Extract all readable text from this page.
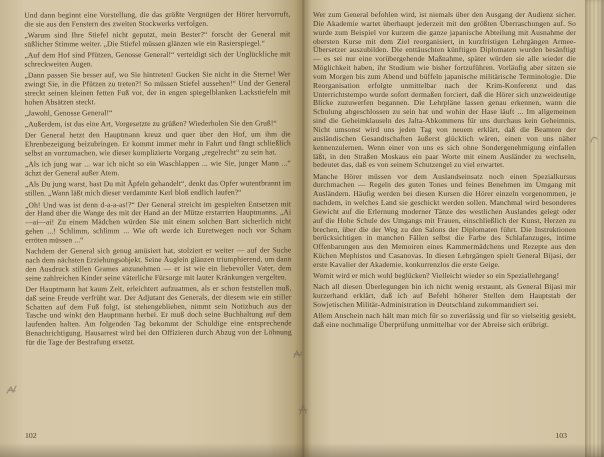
Und dann beginnt eine Vorstellung, die das größte Vergnügen der Hörer hervorruft, die sie aus den Fenstern des zweiten Stockwerks verfolgen.

„Warum sind Ihre Stiefel nicht geputzt, mein Bester?“ forscht der General mit süßlicher Stimme weiter. „Die Stiefel müssen glänzen wie ein Rasierspiegel.“

„Auf dem Hof sind Pfützen, Genosse General!“ verteidigt sich der Unglückliche mit schreckweiten Augen.

„Dann passen Sie besser auf, wo Sie hintreten! Gucken Sie nicht in die Sterne! Wer zwingt Sie, in die Pfützen zu treten?! So müssen Stiefel aussehen!“ Und der General streckt seinen kleinen fetten Fuß vor, der in engen spiegelblanken Lackstiefeln mit hohen Absätzen steckt.

„Jawohl, Genosse General!“

„Außerdem, ist das eine Art, Vorgesetzte zu grüßen? Wiederholen Sie den Gruß!“

Der General hetzt den Hauptmann kreuz und quer über den Hof, um ihm die Ehrenbezeigung beizubringen. Er kommt immer mehr in Fahrt und fängt schließlich selbst an vorzumachen, wie dieser komplizierte Vorgang „regelrecht“ zu sein hat.

„Als ich jung war ... war ich nicht so ein Waschlappen ... wie Sie, junger Mann ...“ ächzt der General außer Atem.

„Als Du jung warst, hast Du mit Äpfeln gehandelt“, denkt das Opfer wutentbrannt im stillen. „Wann läßt mich dieser verdammte Kerl bloß endlich laufen?“

„Oh! Und was ist denn d-a-a-as!?“ Der General streicht im gespielten Entsetzen mit der Hand über die Wange des mit der Hand an der Mütze erstarrten Hauptmanns. „Ai—ai—ai! Zu einem Mädchen würden Sie mit einem solchen Bart sicherlich nicht gehen ...! Schlimm, schlimm ... Wie oft werde ich Euretwegen noch vor Scham erröten müssen ...“

Nachdem der General sich genug amüsiert hat, stolziert er weiter — auf der Suche nach dem nächsten Erziehungsobjekt. Seine Äuglein glänzen triumphierend, um dann den Ausdruck stillen Grames anzunehmen — er ist wie ein liebevoller Vater, dem seine zahlreichen Kinder seine väterliche Fürsorge mit lauter Kränkungen vergelten.

Der Hauptmann hat kaum Zeit, erleichtert aufzuatmen, als er schon feststellen muß, daß seine Freude verfrüht war. Der Adjutant des Generals, der diesem wie ein stiller Schatten auf dem Fuß folgt, ist stehengeblieben, nimmt sein Notizbuch aus der Tasche und winkt den Hauptmann herbei. Er muß doch seine Buchhaltung auf dem laufenden halten. Am folgenden Tag bekommt der Schuldige eine entsprechende Benachrichtigung. Hausarrest wird bei den Offizieren durch Abzug von der Löhnung für die Tage der Bestrafung ersetzt.

102

Wer zum General befohlen wird, ist niemals über den Ausgang der Audienz sicher. Die Akademie wartet überhaupt jederzeit mit den größten Überraschungen auf. So wurde zum Beispiel vor kurzem die ganze japanische Abteilung mit Ausnahme der obersten Kurse mit dem Ziel reorganisiert, in kurzfristigen Lehrgängen Armee-Übersetzer auszubilden. Die enttäuschten künftigen Diplomaten wurden besänftigt — es sei nur eine vorübergehende Maßnahme, später würden sie alle wieder die Möglichkeit haben, ihr Studium wie bisher fortzuführen. Vorläufig aber sitzen sie vom Morgen bis zum Abend und büffeln japanische militärische Terminologie. Die Reorganisation erfolgte unmittelbar nach der Krim-Konferenz und das Unterrichtstempo wurde sofort dermaßen forciert, daß die Hörer sich unzweideutige Blicke zuzuwerfen begannen. Die Lehrpläne lassen genau erkennen, wann die Schulung abgeschlossen zu sein hat und wohin der Hase läuft ... Im allgemeinen sind die Geheimklauseln des Jalta-Abkommens für uns durchaus kein Geheimnis. Nicht umsonst wird uns jeden Tag von neuem erklärt, daß die Beamten der ausländischen Gesandtschaften äußerst glücklich wären, einen von uns näher kennenzulernen. Wenn einer von uns es sich ohne Sondergenehmigung einfallen läßt, in den Straßen Moskaus ein paar Worte mit einem Ausländer zu wechseln, bedeutet das, daß es von seinem Schutzengel zu viel erwartet.

Manche Hörer müssen vor dem Auslandseinsatz noch einen Spezialkursus durchmachen — Regeln des guten Tones und feines Benehmen im Umgang mit Ausländern. Häufig werden bei diesen Kursen die Hörer einzeln vorgenommen, je nachdem, in welches Land sie geschickt werden sollen. Manchmal wird besonderes Gewicht auf die Erlernung moderner Tänze des westlichen Auslandes gelegt oder auf die Hohe Schule des Umgangs mit Frauen, einschließlich der Kunst, Herzen zu brechen, über die der Weg zu den Salons der Diplomaten führt. Die Instruktionen berücksichtigen in manchen Fällen selbst die Farbe des Schlafanzuges, intime Offenbarungen aus den Memoiren eines Kammermädchens und Rezepte aus den Küchen Mephistos und Casanovas. In diesen Lehrgängen spielt General Bijasi, der erste Kavalier der Akademie, konkurrenzlos die erste Geige.

Womit wird er mich wohl beglücken? Vielleicht wieder so ein Speziallehrgang!

Nach all diesen Überlegungen bin ich nicht wenig erstaunt, als General Bijasi mir kurzerhand erklärt, daß ich auf Befehl höherer Stellen dem Hauptstab der Sowjetischen Militär-Administration in Deutschland zukommandiert sei.

Allem Anschein nach hält man mich für so zuverlässig und für so vielseitig gesiebt, daß eine nochmalige Überprüfung unmittelbar vor der Abreise sich erübrigt.

103
